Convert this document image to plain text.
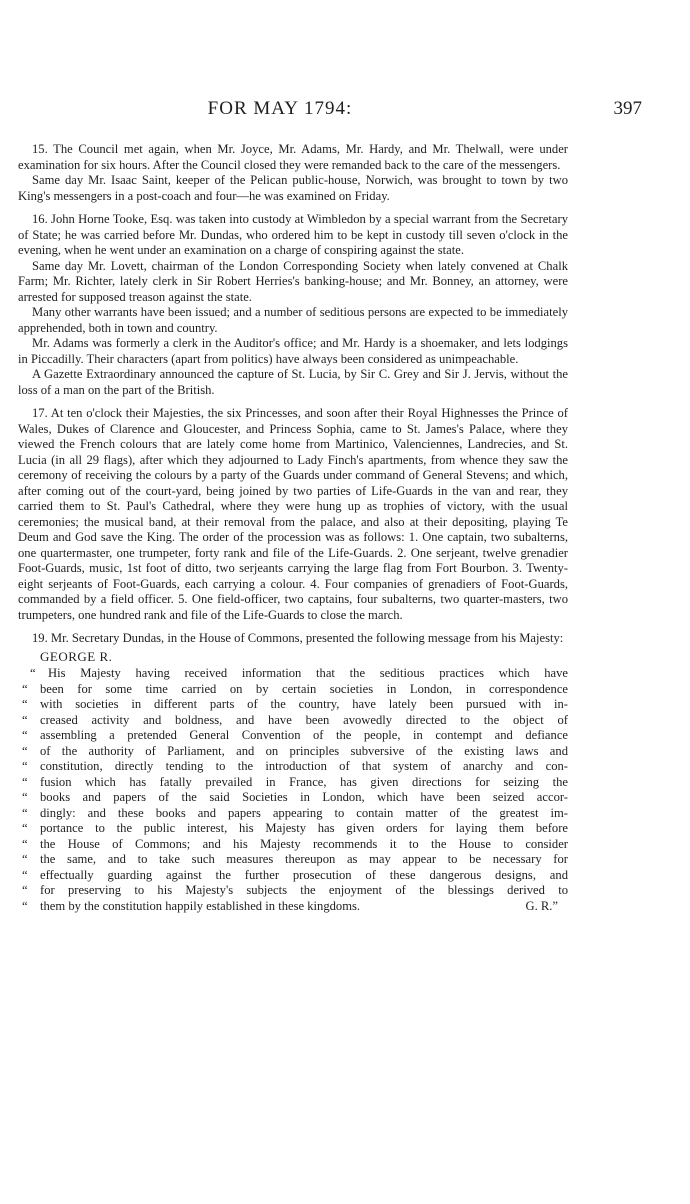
FOR MAY 1794:	397

15. The Council met again, when Mr. Joyce, Mr. Adams, Mr. Hardy, and Mr. Thelwall, were under examination for six hours. After the Council closed they were remanded back to the care of the messengers.

Same day Mr. Isaac Saint, keeper of the Pelican public-house, Norwich, was brought to town by two King's messengers in a post-coach and four—he was examined on Friday.

16. John Horne Tooke, Esq. was taken into custody at Wimbledon by a special warrant from the Secretary of State; he was carried before Mr. Dundas, who ordered him to be kept in custody till seven o'clock in the evening, when he went under an examination on a charge of conspiring against the state.

Same day Mr. Lovett, chairman of the London Corresponding Society when lately convened at Chalk Farm; Mr. Richter, lately clerk in Sir Robert Herries's banking-house; and Mr. Bonney, an attorney, were arrested for supposed treason against the state.

Many other warrants have been issued; and a number of seditious persons are expected to be immediately apprehended, both in town and country.

Mr. Adams was formerly a clerk in the Auditor's office; and Mr. Hardy is a shoemaker, and lets lodgings in Piccadilly. Their characters (apart from politics) have always been considered as unimpeachable.

A Gazette Extraordinary announced the capture of St. Lucia, by Sir C. Grey and Sir J. Jervis, without the loss of a man on the part of the British.

17. At ten o'clock their Majesties, the six Princesses, and soon after their Royal Highnesses the Prince of Wales, Dukes of Clarence and Gloucester, and Princess Sophia, came to St. James's Palace, where they viewed the French colours that are lately come home from Martinico, Valenciennes, Landrecies, and St. Lucia (in all 29 flags), after which they adjourned to Lady Finch's apartments, from whence they saw the ceremony of receiving the colours by a party of the Guards under command of General Stevens; and which, after coming out of the court-yard, being joined by two parties of Life-Guards in the van and rear, they carried them to St. Paul's Cathedral, where they were hung up as trophies of victory, with the usual ceremonies; the musical band, at their removal from the palace, and also at their depositing, playing Te Deum and God save the King. The order of the procession was as follows: 1. One captain, two subalterns, one quartermaster, one trumpeter, forty rank and file of the Life-Guards. 2. One serjeant, twelve grenadier Foot-Guards, music, 1st foot of ditto, two serjeants carrying the large flag from Fort Bourbon. 3. Twenty-eight serjeants of Foot-Guards, each carrying a colour. 4. Four companies of grenadiers of Foot-Guards, commanded by a field officer. 5. One field-officer, two captains, four subalterns, two quarter-masters, two trumpeters, one hundred rank and file of the Life-Guards to close the march.

19. Mr. Secretary Dundas, in the House of Commons, presented the following message from his Majesty:

GEORGE R.
“ His Majesty having received information that the seditious practices which have
“ been for some time carried on by certain societies in London, in correspondence
“ with societies in different parts of the country, have lately been pursued with in-
“ creased activity and boldness, and have been avowedly directed to the object of
“ assembling a pretended General Convention of the people, in contempt and defiance
“ of the authority of Parliament, and on principles subversive of the existing laws and
“ constitution, directly tending to the introduction of that system of anarchy and con-
“ fusion which has fatally prevailed in France, has given directions for seizing the
“ books and papers of the said Societies in London, which have been seized accor-
“ dingly: and these books and papers appearing to contain matter of the greatest im-
“ portance to the public interest, his Majesty has given orders for laying them before
“ the House of Commons; and his Majesty recommends it to the House to consider
“ the same, and to take such measures thereupon as may appear to be necessary for
“ effectually guarding against the further prosecution of these dangerous designs, and
“ for preserving to his Majesty's subjects the enjoyment of the blessings derived to
“ them by the constitution happily established in these kingdoms.	G. R.”
